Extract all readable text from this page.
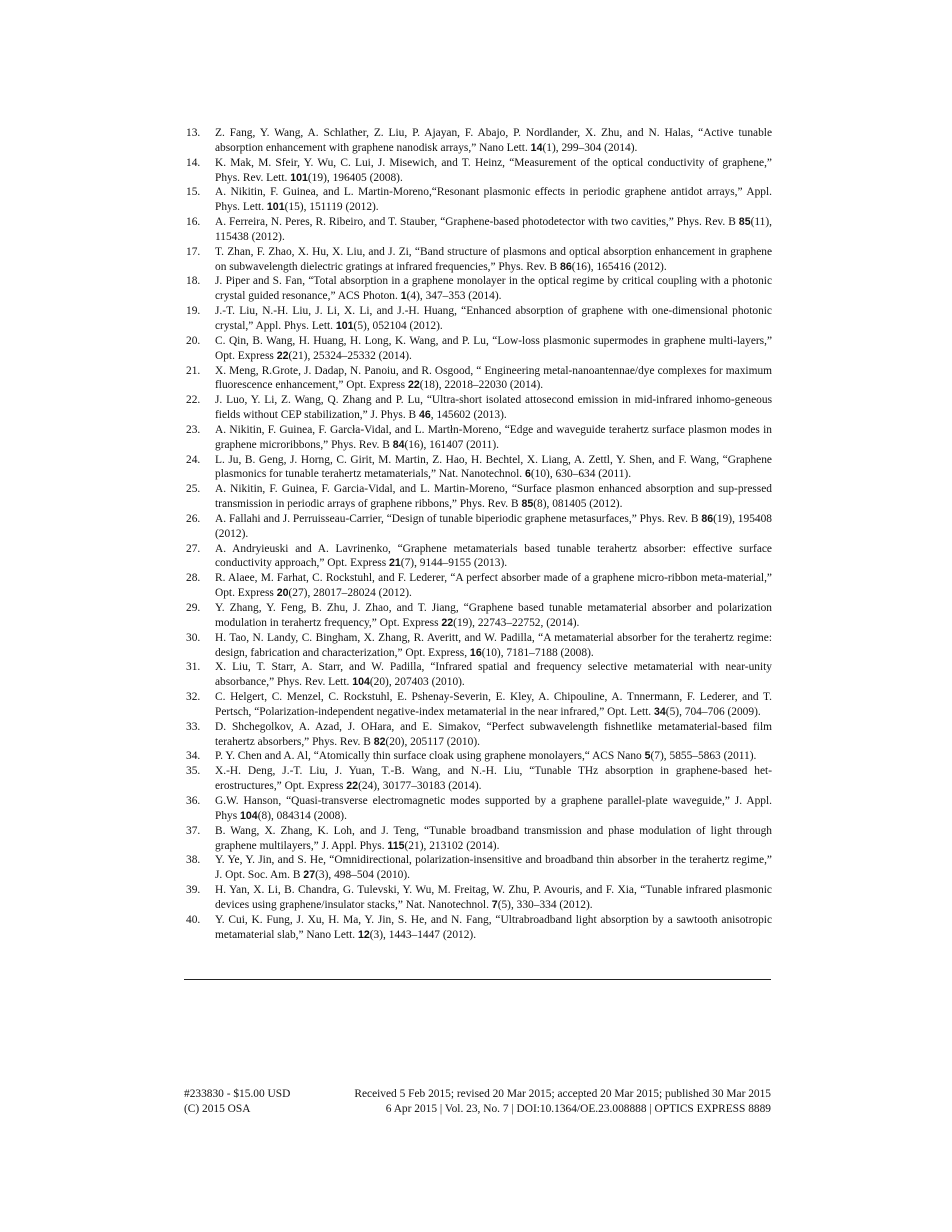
13. Z. Fang, Y. Wang, A. Schlather, Z. Liu, P. Ajayan, F. Abajo, P. Nordlander, X. Zhu, and N. Halas, “Active tunable absorption enhancement with graphene nanodisk arrays,” Nano Lett. 14(1), 299–304 (2014).
14. K. Mak, M. Sfeir, Y. Wu, C. Lui, J. Misewich, and T. Heinz, “Measurement of the optical conductivity of graphene,” Phys. Rev. Lett. 101(19), 196405 (2008).
15. A. Nikitin, F. Guinea, and L. Martin-Moreno,“Resonant plasmonic effects in periodic graphene antidot arrays,” Appl. Phys. Lett. 101(15), 151119 (2012).
16. A. Ferreira, N. Peres, R. Ribeiro, and T. Stauber, “Graphene-based photodetector with two cavities,” Phys. Rev. B 85(11), 115438 (2012).
17. T. Zhan, F. Zhao, X. Hu, X. Liu, and J. Zi, “Band structure of plasmons and optical absorption enhancement in graphene on subwavelength dielectric gratings at infrared frequencies,” Phys. Rev. B 86(16), 165416 (2012).
18. J. Piper and S. Fan, “Total absorption in a graphene monolayer in the optical regime by critical coupling with a photonic crystal guided resonance,” ACS Photon. 1(4), 347–353 (2014).
19. J.-T. Liu, N.-H. Liu, J. Li, X. Li, and J.-H. Huang, “Enhanced absorption of graphene with one-dimensional photonic crystal,” Appl. Phys. Lett. 101(5), 052104 (2012).
20. C. Qin, B. Wang, H. Huang, H. Long, K. Wang, and P. Lu, “Low-loss plasmonic supermodes in graphene multi-layers,” Opt. Express 22(21), 25324–25332 (2014).
21. X. Meng, R.Grote, J. Dadap, N. Panoiu, and R. Osgood, “ Engineering metal-nanoantennae/dye complexes for maximum fluorescence enhancement,” Opt. Express 22(18), 22018–22030 (2014).
22. J. Luo, Y. Li, Z. Wang, Q. Zhang and P. Lu, “Ultra-short isolated attosecond emission in mid-infrared inhomo-geneous fields without CEP stabilization,” J. Phys. B 46, 145602 (2013).
23. A. Nikitin, F. Guinea, F. Garcła-Vidal, and L. Martłn-Moreno, “Edge and waveguide terahertz surface plasmon modes in graphene microribbons,” Phys. Rev. B 84(16), 161407 (2011).
24. L. Ju, B. Geng, J. Horng, C. Girit, M. Martin, Z. Hao, H. Bechtel, X. Liang, A. Zettl, Y. Shen, and F. Wang, “Graphene plasmonics for tunable terahertz metamaterials,” Nat. Nanotechnol. 6(10), 630–634 (2011).
25. A. Nikitin, F. Guinea, F. Garcia-Vidal, and L. Martin-Moreno, “Surface plasmon enhanced absorption and sup-pressed transmission in periodic arrays of graphene ribbons,” Phys. Rev. B 85(8), 081405 (2012).
26. A. Fallahi and J. Perruisseau-Carrier, “Design of tunable biperiodic graphene metasurfaces,” Phys. Rev. B 86(19), 195408 (2012).
27. A. Andryieuski and A. Lavrinenko, “Graphene metamaterials based tunable terahertz absorber: effective surface conductivity approach,” Opt. Express 21(7), 9144–9155 (2013).
28. R. Alaee, M. Farhat, C. Rockstuhl, and F. Lederer, “A perfect absorber made of a graphene micro-ribbon meta-material,” Opt. Express 20(27), 28017–28024 (2012).
29. Y. Zhang, Y. Feng, B. Zhu, J. Zhao, and T. Jiang, “Graphene based tunable metamaterial absorber and polarization modulation in terahertz frequency,” Opt. Express 22(19), 22743–22752, (2014).
30. H. Tao, N. Landy, C. Bingham, X. Zhang, R. Averitt, and W. Padilla, “A metamaterial absorber for the terahertz regime: design, fabrication and characterization,” Opt. Express, 16(10), 7181–7188 (2008).
31. X. Liu, T. Starr, A. Starr, and W. Padilla, “Infrared spatial and frequency selective metamaterial with near-unity absorbance,” Phys. Rev. Lett. 104(20), 207403 (2010).
32. C. Helgert, C. Menzel, C. Rockstuhl, E. Pshenay-Severin, E. Kley, A. Chipouline, A. Tnnermann, F. Lederer, and T. Pertsch, “Polarization-independent negative-index metamaterial in the near infrared,” Opt. Lett. 34(5), 704–706 (2009).
33. D. Shchegolkov, A. Azad, J. OHara, and E. Simakov, “Perfect subwavelength fishnetlike metamaterial-based film terahertz absorbers,” Phys. Rev. B 82(20), 205117 (2010).
34. P. Y. Chen and A. Al, “Atomically thin surface cloak using graphene monolayers,“ ACS Nano 5(7), 5855–5863 (2011).
35. X.-H. Deng, J.-T. Liu, J. Yuan, T.-B. Wang, and N.-H. Liu, “Tunable THz absorption in graphene-based het-erostructures,” Opt. Express 22(24), 30177–30183 (2014).
36. G.W. Hanson, “Quasi-transverse electromagnetic modes supported by a graphene parallel-plate waveguide,” J. Appl. Phys 104(8), 084314 (2008).
37. B. Wang, X. Zhang, K. Loh, and J. Teng, “Tunable broadband transmission and phase modulation of light through graphene multilayers,” J. Appl. Phys. 115(21), 213102 (2014).
38. Y. Ye, Y. Jin, and S. He, “Omnidirectional, polarization-insensitive and broadband thin absorber in the terahertz regime,” J. Opt. Soc. Am. B 27(3), 498–504 (2010).
39. H. Yan, X. Li, B. Chandra, G. Tulevski, Y. Wu, M. Freitag, W. Zhu, P. Avouris, and F. Xia, “Tunable infrared plasmonic devices using graphene/insulator stacks,” Nat. Nanotechnol. 7(5), 330–334 (2012).
40. Y. Cui, K. Fung, J. Xu, H. Ma, Y. Jin, S. He, and N. Fang, “Ultrabroadband light absorption by a sawtooth anisotropic metamaterial slab,” Nano Lett. 12(3), 1443–1447 (2012).
#233830 - $15.00 USD	Received 5 Feb 2015; revised 20 Mar 2015; accepted 20 Mar 2015; published 30 Mar 2015
(C) 2015 OSA	6 Apr 2015 | Vol. 23, No. 7 | DOI:10.1364/OE.23.008888 | OPTICS EXPRESS 8889
